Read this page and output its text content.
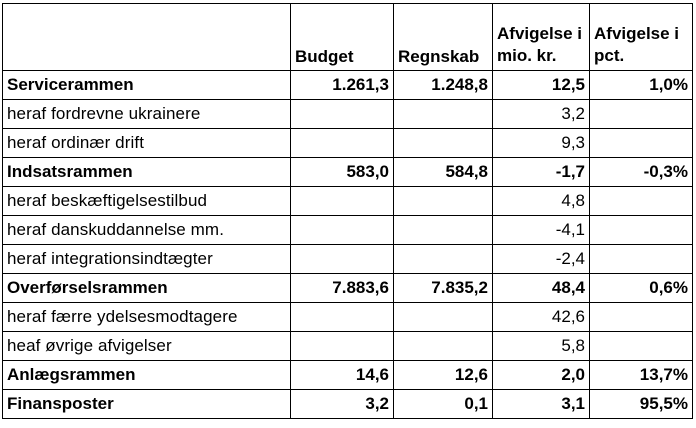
	Budget	Regnskab	Afvigelse i mio. kr.	Afvigelse i pct.
Servicerammen	1.261,3	1.248,8	12,5	1,0%
heraf fordrevne ukrainere			3,2	
heraf ordinær drift			9,3	
Indsatsrammen	583,0	584,8	-1,7	-0,3%
heraf beskæftigelsestilbud			4,8	
heraf danskuddannelse mm.			-4,1	
heraf integrationsindtægter			-2,4	
Overførselsrammen	7.883,6	7.835,2	48,4	0,6%
heraf færre ydelsesmodtagere			42,6	
heaf øvrige afvigelser			5,8	
Anlægsrammen	14,6	12,6	2,0	13,7%
Finansposter	3,2	0,1	3,1	95,5%
